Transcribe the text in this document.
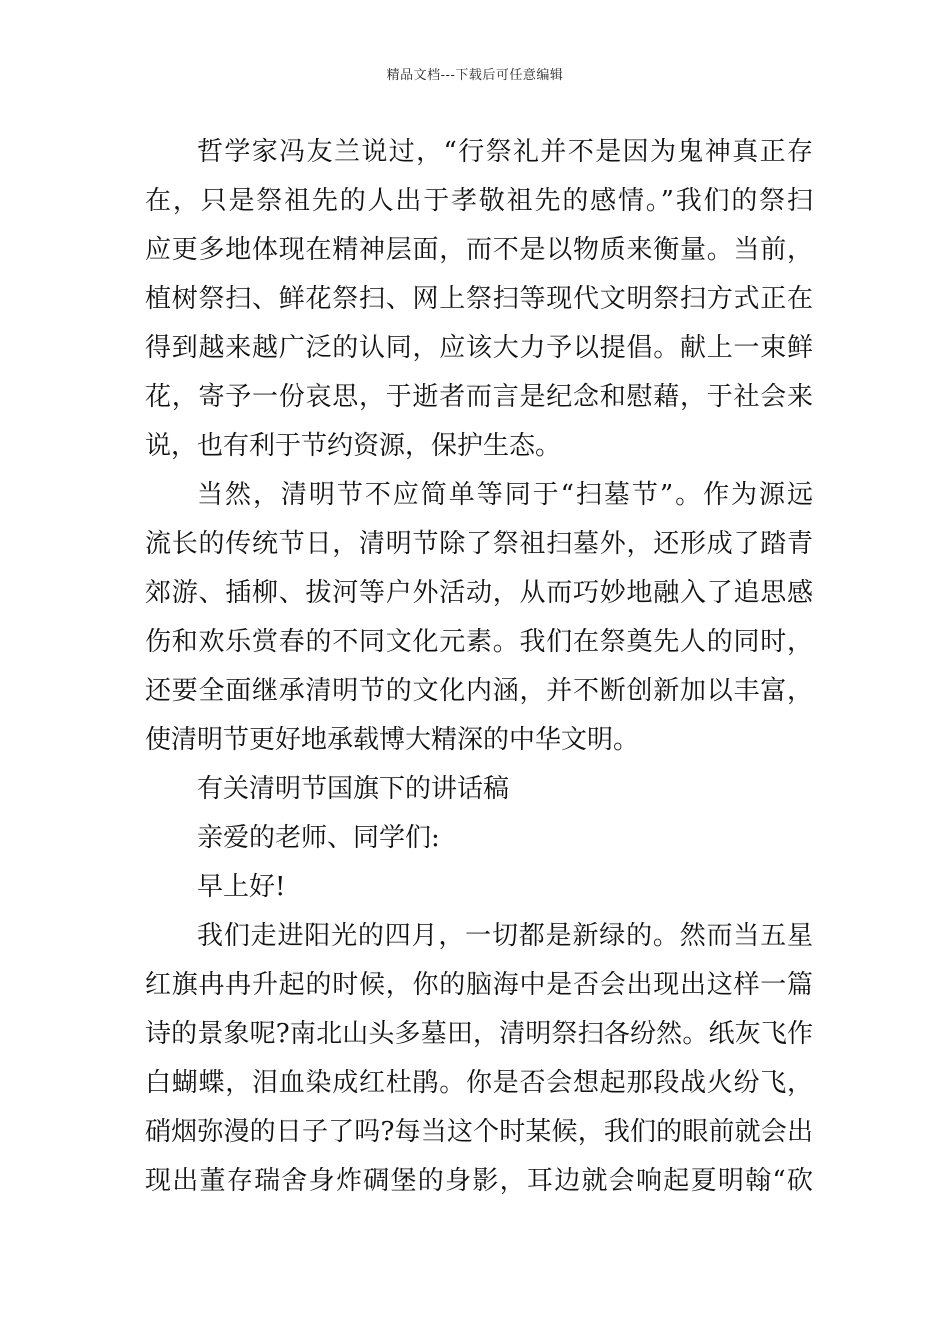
精品文档---下载后可任意编辑
哲学家冯友兰说过，“行祭礼并不是因为鬼神真正存
在，只是祭祖先的人出于孝敬祖先的感情。”我们的祭扫
应更多地体现在精神层面，而不是以物质来衡量。当前，
植树祭扫、鲜花祭扫、网上祭扫等现代文明祭扫方式正在
得到越来越广泛的认同，应该大力予以提倡。献上一束鲜
花，寄予一份哀思，于逝者而言是纪念和慰藉，于社会来
说，也有利于节约资源，保护生态。
当然，清明节不应简单等同于“扫墓节”。作为源远
流长的传统节日，清明节除了祭祖扫墓外，还形成了踏青
郊游、插柳、拔河等户外活动，从而巧妙地融入了追思感
伤和欢乐赏春的不同文化元素。我们在祭奠先人的同时，
还要全面继承清明节的文化内涵，并不断创新加以丰富，
使清明节更好地承载博大精深的中华文明。
有关清明节国旗下的讲话稿
亲爱的老师、同学们:
早上好!
我们走进阳光的四月，一切都是新绿的。然而当五星
红旗冉冉升起的时候，你的脑海中是否会出现出这样一篇
诗的景象呢?南北山头多墓田，清明祭扫各纷然。纸灰飞作
白蝴蝶，泪血染成红杜鹃。你是否会想起那段战火纷飞，
硝烟弥漫的日子了吗?每当这个时某候，我们的眼前就会出
现出董存瑞舍身炸碉堡的身影，耳边就会响起夏明翰“砍
